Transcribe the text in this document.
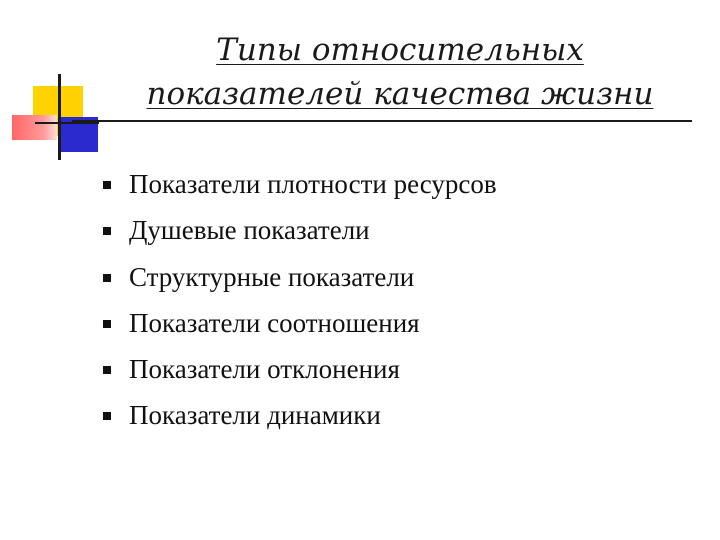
Типы относительных
показателей качества жизни
Показатели плотности ресурсов
Душевые показатели
Структурные показатели
Показатели соотношения
Показатели отклонения
Показатели динамики
